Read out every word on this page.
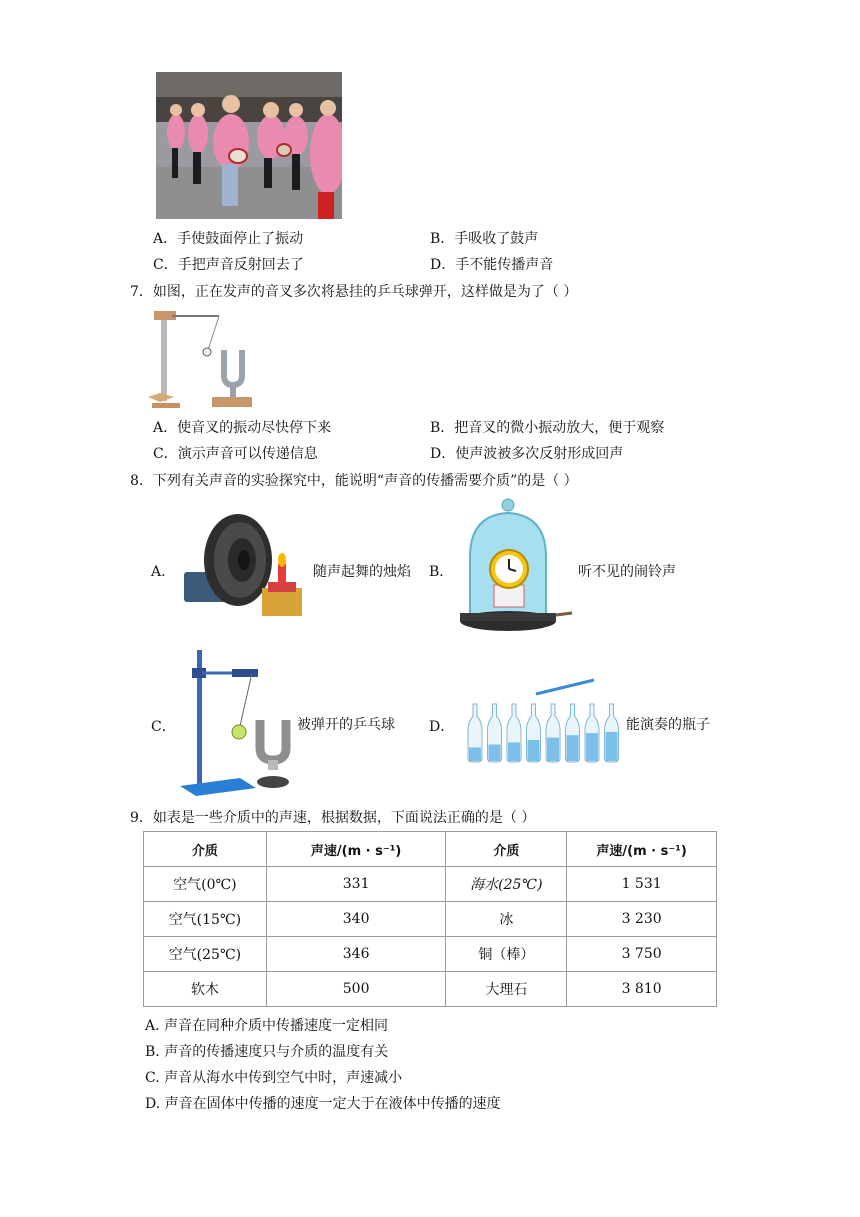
A．手使鼓面停止了振动	B．手吸收了鼓声
C．手把声音反射回去了	D．手不能传播声音
7．如图，正在发声的音叉多次将悬挂的乒乓球弹开，这样做是为了（ ）
A．使音叉的振动尽快停下来	B．把音叉的微小振动放大，便于观察
C．演示声音可以传递信息	D．使声波被多次反射形成回声
8．下列有关声音的实验探究中，能说明“声音的传播需要介质”的是（ ）
A．	随声起舞的烛焰 B．	听不见的闹铃声
C．	被弹开的乒乓球 D．	能演奏的瓶子
9．如表是一些介质中的声速，根据数据，下面说法正确的是（ ）
介质	声速/(m · s⁻¹)	介质	声速/(m · s⁻¹)
空气(0℃)	331	海水(25℃)	1 531
空气(15℃)	340	冰	3 230
空气(25℃)	346	铜（棒）	3 750
软木	500	大理石	3 810
A. 声音在同种介质中传播速度一定相同
B. 声音的传播速度只与介质的温度有关
C. 声音从海水中传到空气中时，声速减小
D. 声音在固体中传播的速度一定大于在液体中传播的速度
